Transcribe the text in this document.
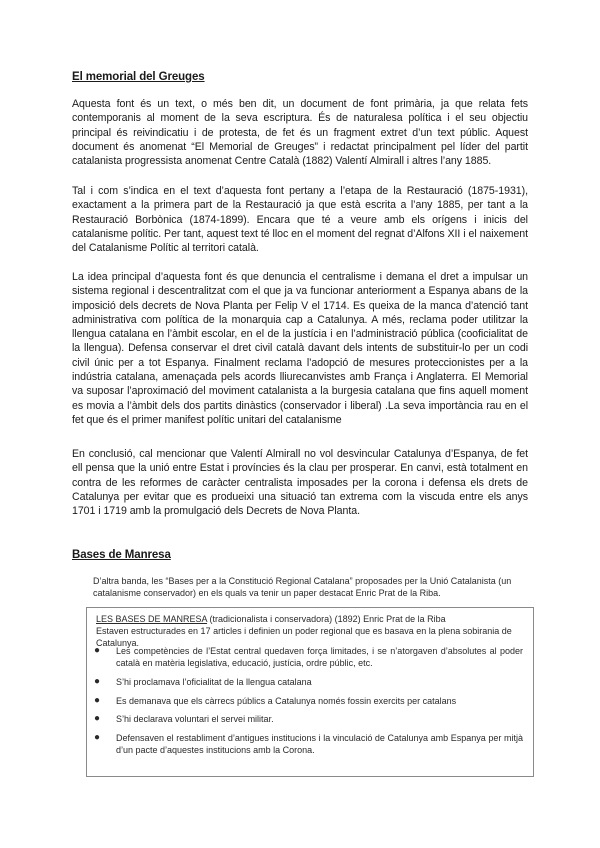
El memorial del Greuges

Aquesta font és un text, o més ben dit, un document de font primària, ja que relata fets contemporanis al moment de la seva escriptura. És de naturalesa política i el seu objectiu principal és reivindicatiu i de protesta, de fet és un fragment extret d’un text públic. Aquest document és anomenat “El Memorial de Greuges” i redactat principalment pel líder del partit catalanista progressista anomenat Centre Català (1882) Valentí Almirall i altres l’any 1885.

Tal i com s’indica en el text d’aquesta font pertany a l’etapa de la Restauració (1875-1931), exactament a la primera part de la Restauració ja que està escrita a l’any 1885, per tant a la Restauració Borbònica (1874-1899). Encara que té a veure amb els orígens i inicis del catalanisme polític. Per tant, aquest text té lloc en el moment del regnat d’Alfons XII i el naixement del Catalanisme Polític al territori català.

La idea principal d’aquesta font és que denuncia el centralisme i demana el dret a impulsar un sistema regional i descentralitzat com el que ja va funcionar anteriorment a Espanya abans de la imposició dels decrets de Nova Planta per Felip V el 1714. Es queixa de la manca d’atenció tant administrativa com política de la monarquia cap a Catalunya. A més, reclama poder utilitzar la llengua catalana en l’àmbit escolar, en el de la justícia i en l’administració pública (cooficialitat de la llengua). Defensa conservar el dret civil català davant dels intents de substituir-lo per un codi civil únic per a tot Espanya. Finalment reclama l’adopció de mesures proteccionistes per a la indústria catalana, amenaçada pels acords lliurecanvistes amb França i Anglaterra. El Memorial va suposar l’aproximació del moviment catalanista a la burgesia catalana que fins aquell moment es movia a l’àmbit dels dos partits dinàstics (conservador i liberal) .La seva importància rau en el fet que és el primer manifest polític unitari del catalanisme

En conclusió, cal mencionar que Valentí Almirall no vol desvincular Catalunya d’Espanya, de fet ell pensa que la unió entre Estat i províncies és la clau per prosperar. En canvi, està totalment en contra de les reformes de caràcter centralista imposades per la corona i defensa els drets de Catalunya per evitar que es produeixi una situació tan extrema com la viscuda entre els anys 1701 i 1719 amb la promulgació dels Decrets de Nova Planta.

Bases de Manresa

D’altra banda, les “Bases per a la Constitució Regional Catalana” proposades per la Unió Catalanista (un catalanisme conservador) en els quals va tenir un paper destacat Enric Prat de la Riba.

LES BASES DE MANRESA (tradicionalista i conservadora) (1892) Enric Prat de la Riba
Estaven estructurades en 17 articles i definien un poder regional que es basava en la plena sobirania de Catalunya.
● Les competències de l’Estat central quedaven força limitades, i se n’atorgaven d’absolutes al poder català en matèria legislativa, educació, justícia, ordre públic, etc.
● S’hi proclamava l’oficialitat de la llengua catalana
● Es demanava que els càrrecs públics a Catalunya només fossin exercits per catalans
● S’hi declarava voluntari el servei militar.
● Defensaven el restabliment d’antigues institucions i la vinculació de Catalunya amb Espanya per mitjà d’un pacte d’aquestes institucions amb la Corona.
